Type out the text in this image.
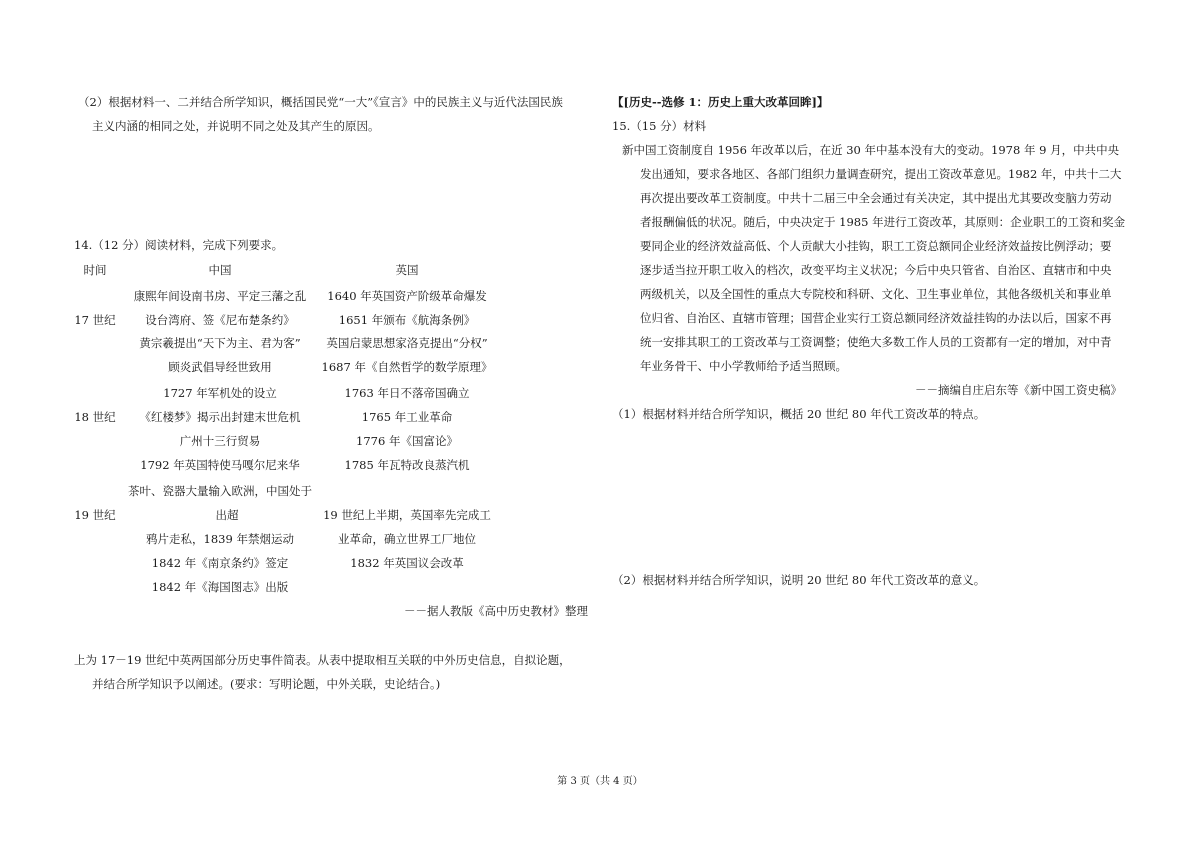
（2）根据材料一、二并结合所学知识，概括国民党“一大”《宣言》中的民族主义与近代法国民族
主义内涵的相同之处，并说明不同之处及其产生的原因。
14.（12 分）阅读材料，完成下列要求。
时间	中国	英国
17 世纪
康熙年间设南书房、平定三藩之乱
设台湾府、签《尼布楚条约》
黄宗羲提出“天下为主、君为客”
顾炎武倡导经世致用
1640 年英国资产阶级革命爆发
1651 年颁布《航海条例》
英国启蒙思想家洛克提出“分权”
1687 年《自然哲学的数学原理》
18 世纪
1727 年军机处的设立
《红楼梦》揭示出封建末世危机
广州十三行贸易
1792 年英国特使马嘎尔尼来华
1763 年日不落帝国确立
1765 年工业革命
1776 年《国富论》
1785 年瓦特改良蒸汽机
19 世纪
茶叶、瓷器大量输入欧洲，中国处于
出超
鸦片走私，1839 年禁烟运动
1842 年《南京条约》签定
1842 年《海国图志》出版
19 世纪上半期，英国率先完成工
业革命，确立世界工厂地位
1832 年英国议会改革
－－据人教版《高中历史教材》整理
上为 17－19 世纪中英两国部分历史事件简表。从表中提取相互关联的中外历史信息，自拟论题，
并结合所学知识予以阐述。(要求：写明论题，中外关联，史论结合。)
【[历史--选修 1：历史上重大改革回眸]】
15.（15 分）材料
新中国工资制度自 1956 年改革以后，在近 30 年中基本没有大的变动。1978 年 9 月，中共中央
发出通知，要求各地区、各部门组织力量调查研究，提出工资改革意见。1982 年，中共十二大
再次提出要改革工资制度。中共十二届三中全会通过有关决定，其中提出尤其要改变脑力劳动
者报酬偏低的状况。随后，中央决定于 1985 年进行工资改革，其原则：企业职工的工资和奖金
要同企业的经济效益高低、个人贡献大小挂钩，职工工资总额同企业经济效益按比例浮动；要
逐步适当拉开职工收入的档次，改变平均主义状况；今后中央只管省、自治区、直辖市和中央
两级机关，以及全国性的重点大专院校和科研、文化、卫生事业单位，其他各级机关和事业单
位归省、自治区、直辖市管理；国营企业实行工资总额同经济效益挂钩的办法以后，国家不再
统一安排其职工的工资改革与工资调整；使绝大多数工作人员的工资都有一定的增加，对中青
年业务骨干、中小学教师给予适当照顾。
－－摘编自庄启东等《新中国工资史稿》
（1）根据材料并结合所学知识，概括 20 世纪 80 年代工资改革的特点。
（2）根据材料并结合所学知识，说明 20 世纪 80 年代工资改革的意义。
第 3 页（共 4 页）
